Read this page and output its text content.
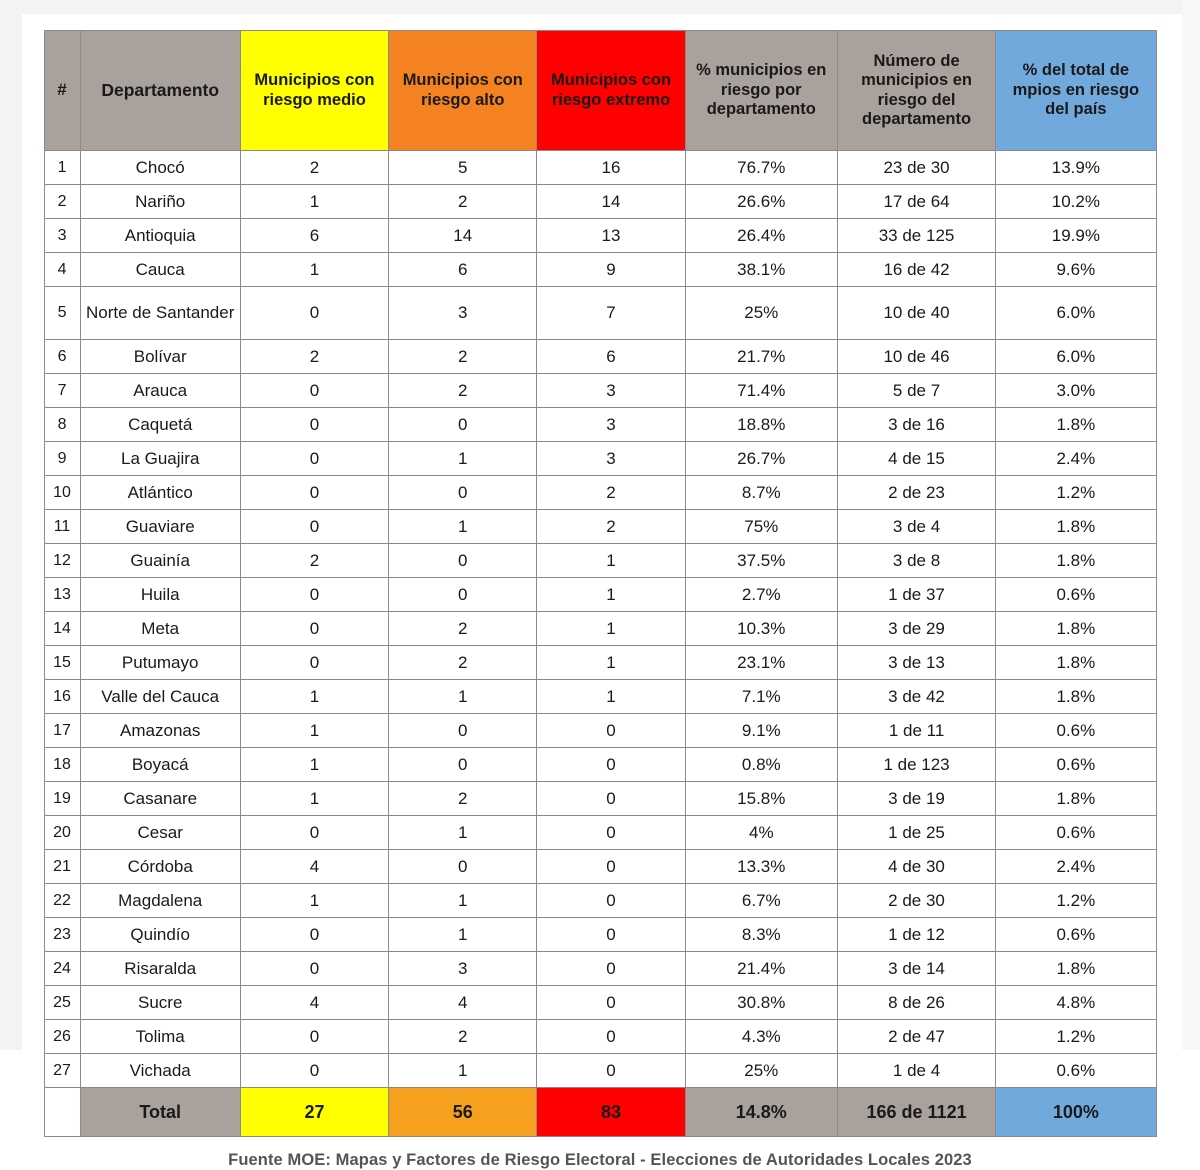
#	Departamento	Municipios con riesgo medio	Municipios con riesgo alto	Municipios con riesgo extremo	% municipios en riesgo por departamento	Número de municipios en riesgo del departamento	% del total de mpios en riesgo del país
1	Chocó	2	5	16	76.7%	23 de 30	13.9%
2	Nariño	1	2	14	26.6%	17 de 64	10.2%
3	Antioquia	6	14	13	26.4%	33 de 125	19.9%
4	Cauca	1	6	9	38.1%	16 de 42	9.6%
5	Norte de Santander	0	3	7	25%	10 de 40	6.0%
6	Bolívar	2	2	6	21.7%	10 de 46	6.0%
7	Arauca	0	2	3	71.4%	5 de 7	3.0%
8	Caquetá	0	0	3	18.8%	3 de 16	1.8%
9	La Guajira	0	1	3	26.7%	4 de 15	2.4%
10	Atlántico	0	0	2	8.7%	2 de 23	1.2%
11	Guaviare	0	1	2	75%	3 de 4	1.8%
12	Guainía	2	0	1	37.5%	3 de 8	1.8%
13	Huila	0	0	1	2.7%	1 de 37	0.6%
14	Meta	0	2	1	10.3%	3 de 29	1.8%
15	Putumayo	0	2	1	23.1%	3 de 13	1.8%
16	Valle del Cauca	1	1	1	7.1%	3 de 42	1.8%
17	Amazonas	1	0	0	9.1%	1 de 11	0.6%
18	Boyacá	1	0	0	0.8%	1 de 123	0.6%
19	Casanare	1	2	0	15.8%	3 de 19	1.8%
20	Cesar	0	1	0	4%	1 de 25	0.6%
21	Córdoba	4	0	0	13.3%	4 de 30	2.4%
22	Magdalena	1	1	0	6.7%	2 de 30	1.2%
23	Quindío	0	1	0	8.3%	1 de 12	0.6%
24	Risaralda	0	3	0	21.4%	3 de 14	1.8%
25	Sucre	4	4	0	30.8%	8 de 26	4.8%
26	Tolima	0	2	0	4.3%	2 de 47	1.2%
27	Vichada	0	1	0	25%	1 de 4	0.6%
	Total	27	56	83	14.8%	166 de 1121	100%
Fuente MOE: Mapas y Factores de Riesgo Electoral - Elecciones de Autoridades Locales 2023
